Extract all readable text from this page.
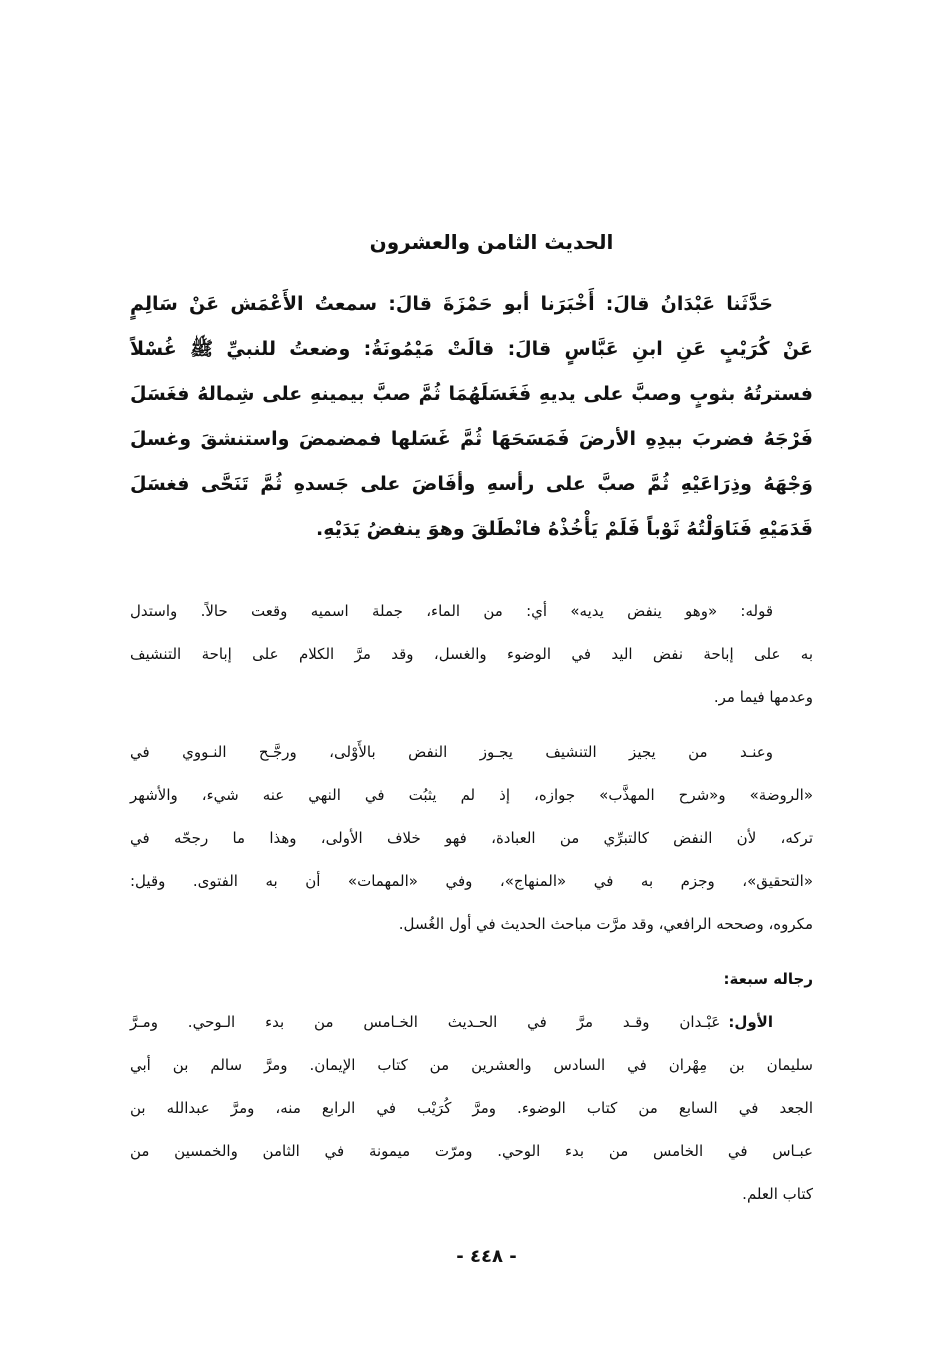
الحديث الثامن والعشرون
حَدَّثَنا عَبْدَانُ قالَ: أَخْبَرَنا أبو حَمْزَةَ قالَ: سمعتُ الأَعْمَش عَنْ سَالِمٍ
عَنْ كُرَيْبٍ عَنِ ابنِ عَبَّاسٍ قالَ: قالَتْ مَيْمُونَةُ: وضعتُ للنبيِّ ﷺ غُسْلاً
فسترتُهُ بثوبٍ وصبَّ على يديهِ فَغَسَلَهُمَا ثُمَّ صبَّ بيمينهِ على شِمالهُ فغَسَلَ
فَرْجَهُ فضربَ بيدِهِ الأرضَ فَمَسَحَهَا ثُمَّ غَسَلها فمضمضَ واستنشقَ وغسلَ
وَجْهَهُ وذِرَاعَيْهِ ثُمَّ صبَّ على رأسهِ وأفَاضَ على جَسدهِ ثُمَّ تَنَحَّى فغسَلَ
قَدَمَيْهِ فَنَاوَلْتُهُ ثَوْباً فَلَمْ يَأْخُذْهُ فانْطَلقَ وهوَ ينفضُ يَدَيْهِ.
قوله: «وهو ينفض يديه» أي: من الماء، جملة اسميه وقعت حالاً. واستدل
به على إباحة نفض اليد في الوضوء والغسل، وقد مرَّ الكلام على إباحة التنشيف
وعدمها فيما مر.
وعنـد من يجيز التنشيف يجـوز النفض بالأَوْلى، ورجَّـح النـووي في
«الروضة» و«شرح المهذَّب» جوازه، إذ لم يثبُت في النهي عنه شيء، والأشهر
تركه، لأن النفض كالتبرِّي من العبادة، فهو خلاف الأولى، وهذا ما رجحّه في
«التحقيق»، وجزم به في «المنهاج»، وفي «المهمات» أن به الفتوى. وقيل:
مكروه، وصححه الرافعي، وقد مرَّت مباحث الحديث في أول الغُسل.
رجاله سبعة:
الأول:
عَبْـدان وقـد مرَّ في الحـديث الخـامس من بدء الـوحي. ومـرَّ
سليمان بن مِهْران في السادس والعشرين من كتاب الإيمان. ومرَّ سالم بن أبي
الجعد في السابع من كتاب الوضوء. ومرَّ كُرَيْب في الرابع منه، ومرَّ عبدالله بن
عبـاس في الخامس من بدء الوحي. ومرّت ميمونة في الثامن والخمسين من
كتاب العلم.
- ٤٤٨ -
